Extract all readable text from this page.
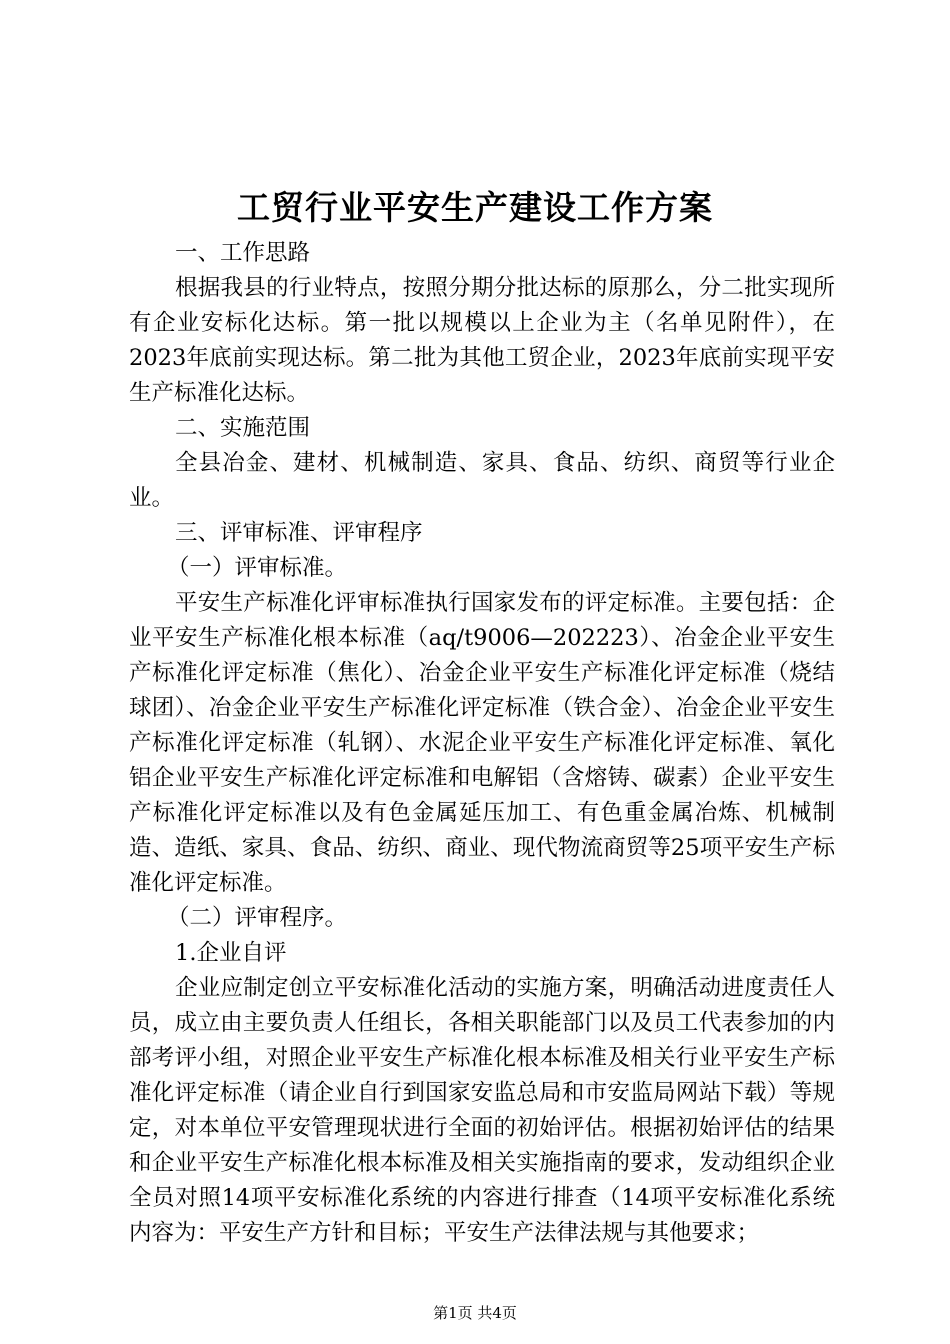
工贸行业平安生产建设工作方案

一、工作思路

根据我县的行业特点，按照分期分批达标的原那么，分二批实现所有企业安标化达标。第一批以规模以上企业为主（名单见附件），在2023年底前实现达标。第二批为其他工贸企业，2023年底前实现平安生产标准化达标。

二、实施范围

全县冶金、建材、机械制造、家具、食品、纺织、商贸等行业企业。

三、评审标准、评审程序

（一）评审标准。

平安生产标准化评审标准执行国家发布的评定标准。主要包括：企业平安生产标准化根本标准（aq/t9006—202223）、冶金企业平安生产标准化评定标准（焦化）、冶金企业平安生产标准化评定标准（烧结球团）、冶金企业平安生产标准化评定标准（铁合金）、冶金企业平安生产标准化评定标准（轧钢）、水泥企业平安生产标准化评定标准、氧化铝企业平安生产标准化评定标准和电解铝（含熔铸、碳素）企业平安生产标准化评定标准以及有色金属延压加工、有色重金属冶炼、机械制造、造纸、家具、食品、纺织、商业、现代物流商贸等25项平安生产标准化评定标准。

（二）评审程序。

1.企业自评

企业应制定创立平安标准化活动的实施方案，明确活动进度责任人员，成立由主要负责人任组长，各相关职能部门以及员工代表参加的内部考评小组，对照企业平安生产标准化根本标准及相关行业平安生产标准化评定标准（请企业自行到国家安监总局和市安监局网站下载）等规定，对本单位平安管理现状进行全面的初始评估。根据初始评估的结果和企业平安生产标准化根本标准及相关实施指南的要求，发动组织企业全员对照14项平安标准化系统的内容进行排查（14项平安标准化系统内容为：平安生产方针和目标；平安生产法律法规与其他要求；

第1页 共4页
